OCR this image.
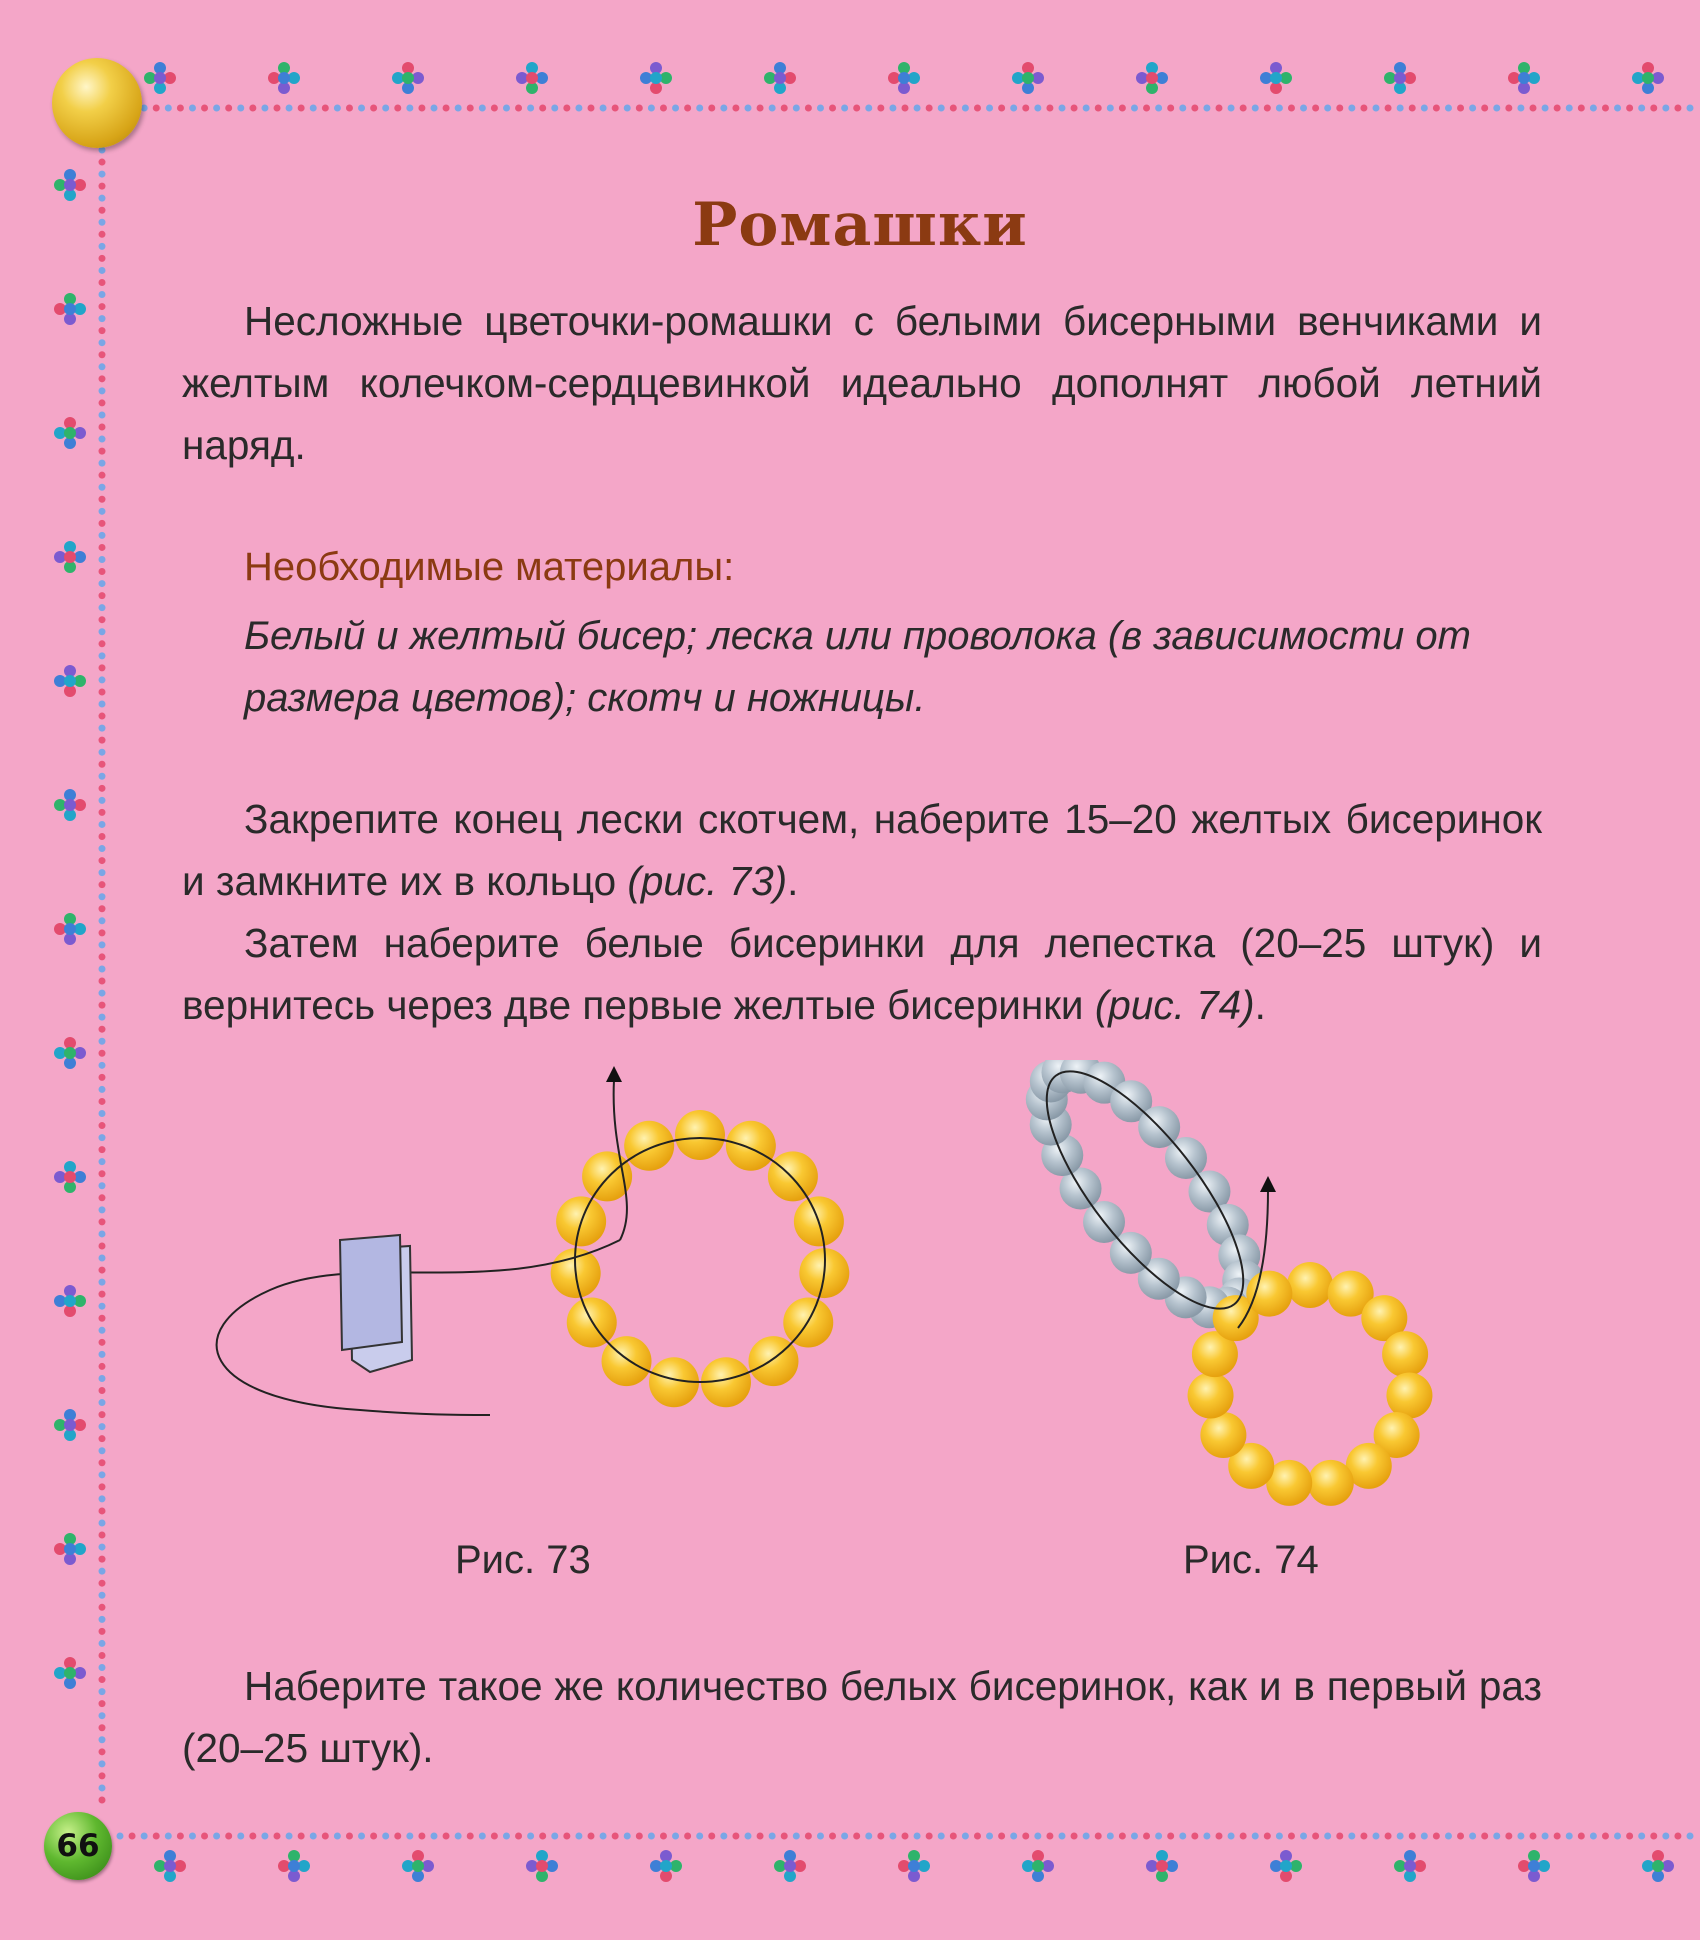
Ромашки

Несложные цветочки-ромашки с белыми бисерными венчиками и желтым колечком-сердцевинкой идеально дополнят любой летний наряд.

Необходимые материалы:

Белый и желтый бисер; леска или проволока (в зависимости от размера цветов); скотч и ножницы.

Закрепите конец лески скотчем, наберите 15–20 желтых бисеринок и замкните их в кольцо (рис. 73).

Затем наберите белые бисеринки для лепестка (20–25 штук) и вернитесь через две первые желтые бисеринки (рис. 74).

Рис. 73	Рис. 74

Наберите такое же количество белых бисеринок, как и в первый раз (20–25 штук).

66
